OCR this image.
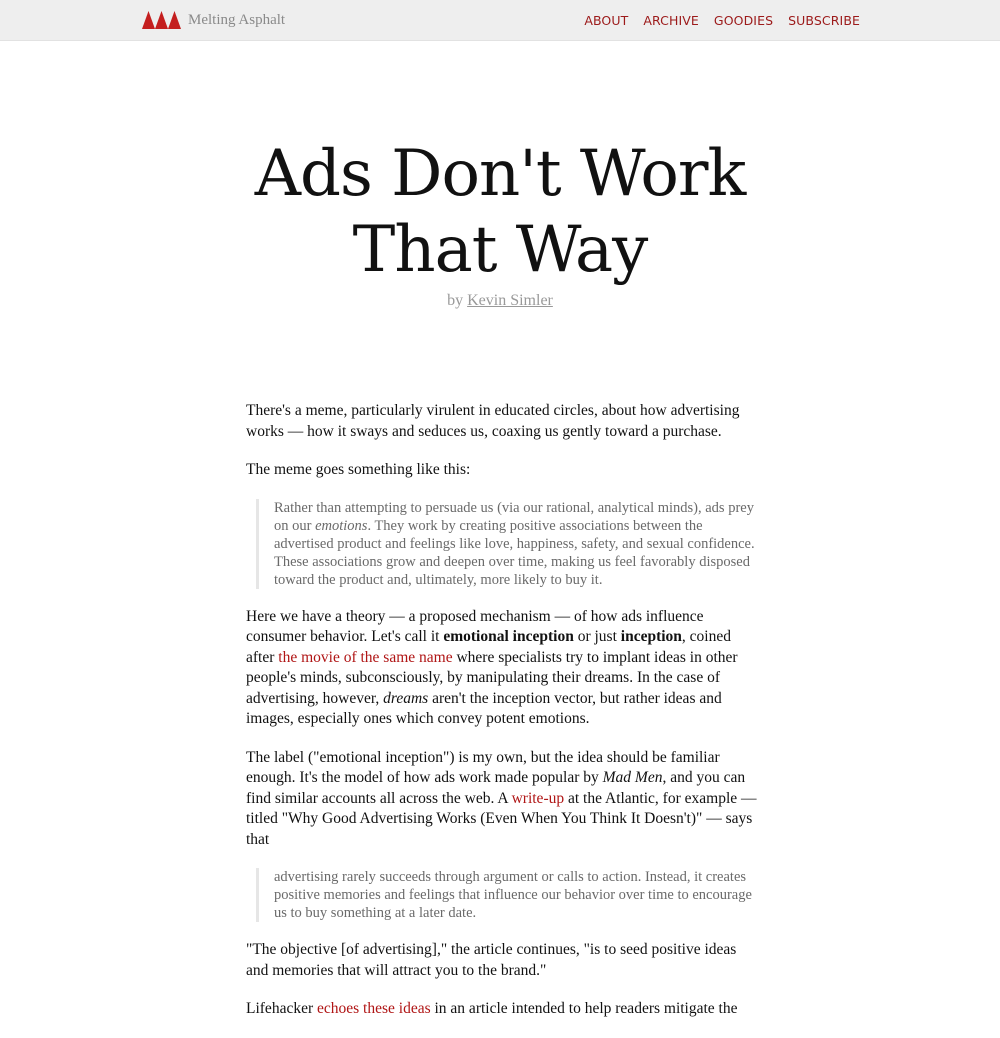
Melting Asphalt	ABOUT ARCHIVE GOODIES SUBSCRIBE
Ads Don't Work
That Way
by Kevin Simler

There's a meme, particularly virulent in educated circles, about how advertising works — how it sways and seduces us, coaxing us gently toward a purchase.

The meme goes something like this:

Rather than attempting to persuade us (via our rational, analytical minds), ads prey on our emotions. They work by creating positive associations between the advertised product and feelings like love, happiness, safety, and sexual confidence. These associations grow and deepen over time, making us feel favorably disposed toward the product and, ultimately, more likely to buy it.

Here we have a theory — a proposed mechanism — of how ads influence consumer behavior. Let's call it emotional inception or just inception, coined after the movie of the same name where specialists try to implant ideas in other people's minds, subconsciously, by manipulating their dreams. In the case of advertising, however, dreams aren't the inception vector, but rather ideas and images, especially ones which convey potent emotions.

The label ("emotional inception") is my own, but the idea should be familiar enough. It's the model of how ads work made popular by Mad Men, and you can find similar accounts all across the web. A write-up at the Atlantic, for example — titled "Why Good Advertising Works (Even When You Think It Doesn't)" — says that

advertising rarely succeeds through argument or calls to action. Instead, it creates positive memories and feelings that influence our behavior over time to encourage us to buy something at a later date.

"The objective [of advertising]," the article continues, "is to seed positive ideas and memories that will attract you to the brand."

Lifehacker echoes these ideas in an article intended to help readers mitigate the
